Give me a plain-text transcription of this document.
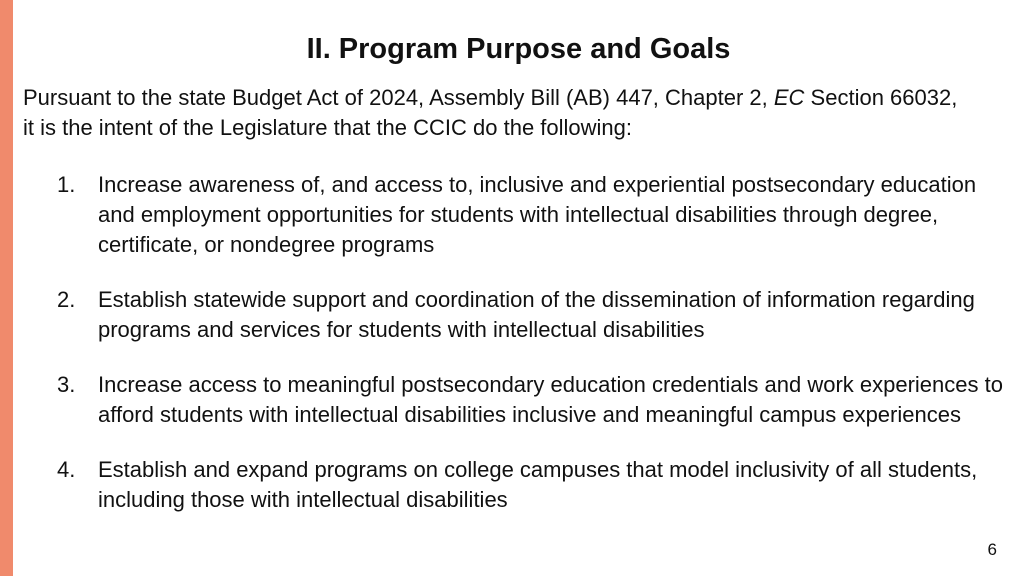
II. Program Purpose and Goals

Pursuant to the state Budget Act of 2024, Assembly Bill (AB) 447, Chapter 2, EC Section 66032, it is the intent of the Legislature that the CCIC do the following:

1. Increase awareness of, and access to, inclusive and experiential postsecondary education and employment opportunities for students with intellectual disabilities through degree, certificate, or nondegree programs
2. Establish statewide support and coordination of the dissemination of information regarding programs and services for students with intellectual disabilities
3. Increase access to meaningful postsecondary education credentials and work experiences to afford students with intellectual disabilities inclusive and meaningful campus experiences
4. Establish and expand programs on college campuses that model inclusivity of all students, including those with intellectual disabilities
6
